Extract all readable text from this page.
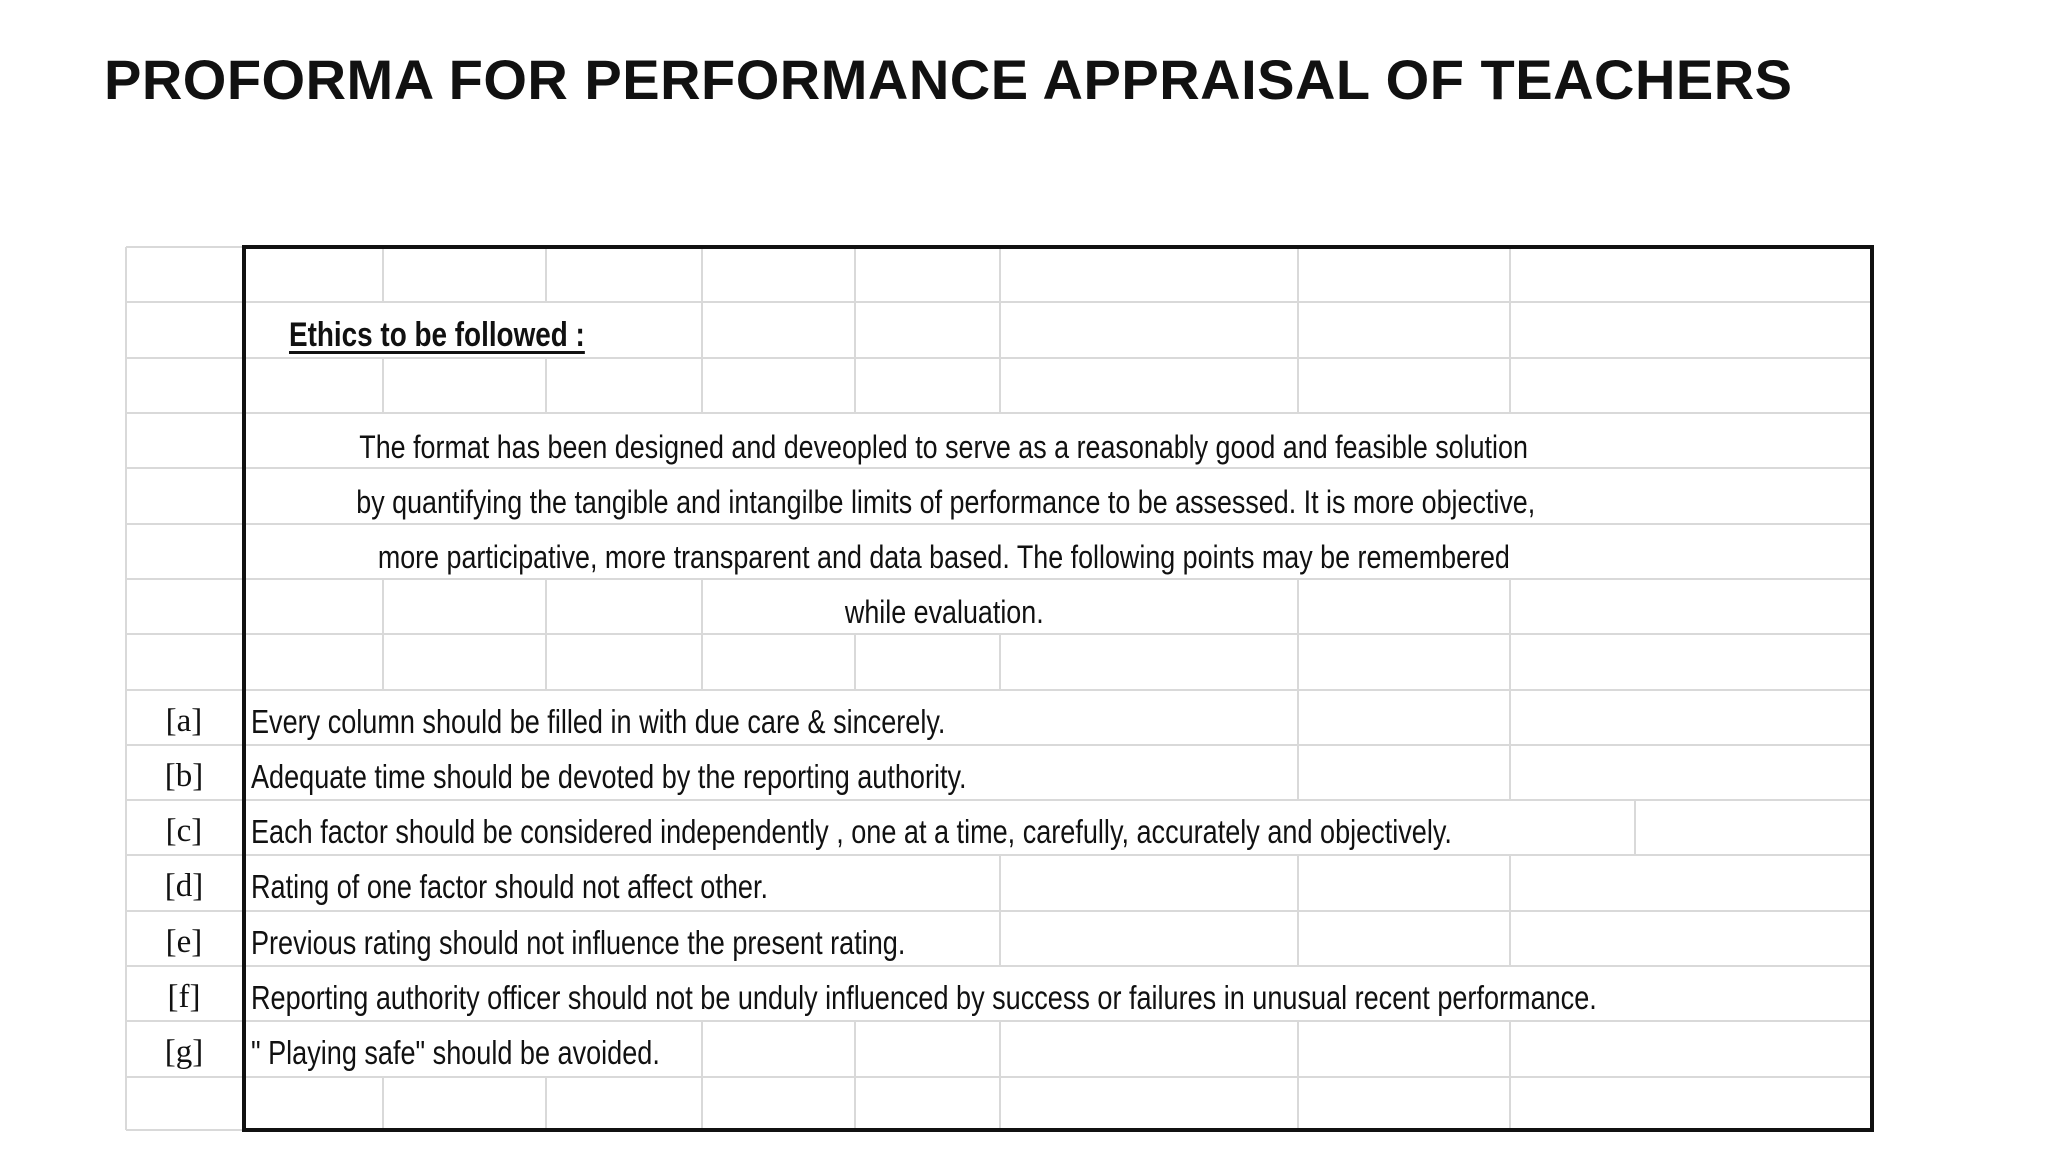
PROFORMA FOR PERFORMANCE APPRAISAL OF TEACHERS
Ethics to be followed :
The format has been designed and deveopled to serve as a reasonably good and feasible solution
by quantifying the tangible and intangilbe limits of performance to be assessed. It is more objective,
more participative, more transparent and data based. The following points may be remembered
while evaluation.
[a]	Every column should be filled in with due care & sincerely.
[b]	Adequate time should be devoted by the reporting authority.
[c]	Each factor should be considered independently , one at a time, carefully, accurately and objectively.
[d]	Rating of one factor should not affect other.
[e]	Previous rating should not influence the present rating.
[f]	Reporting authority officer should not be unduly influenced by success or failures in unusual recent performance.
[g]	" Playing safe" should be avoided.
